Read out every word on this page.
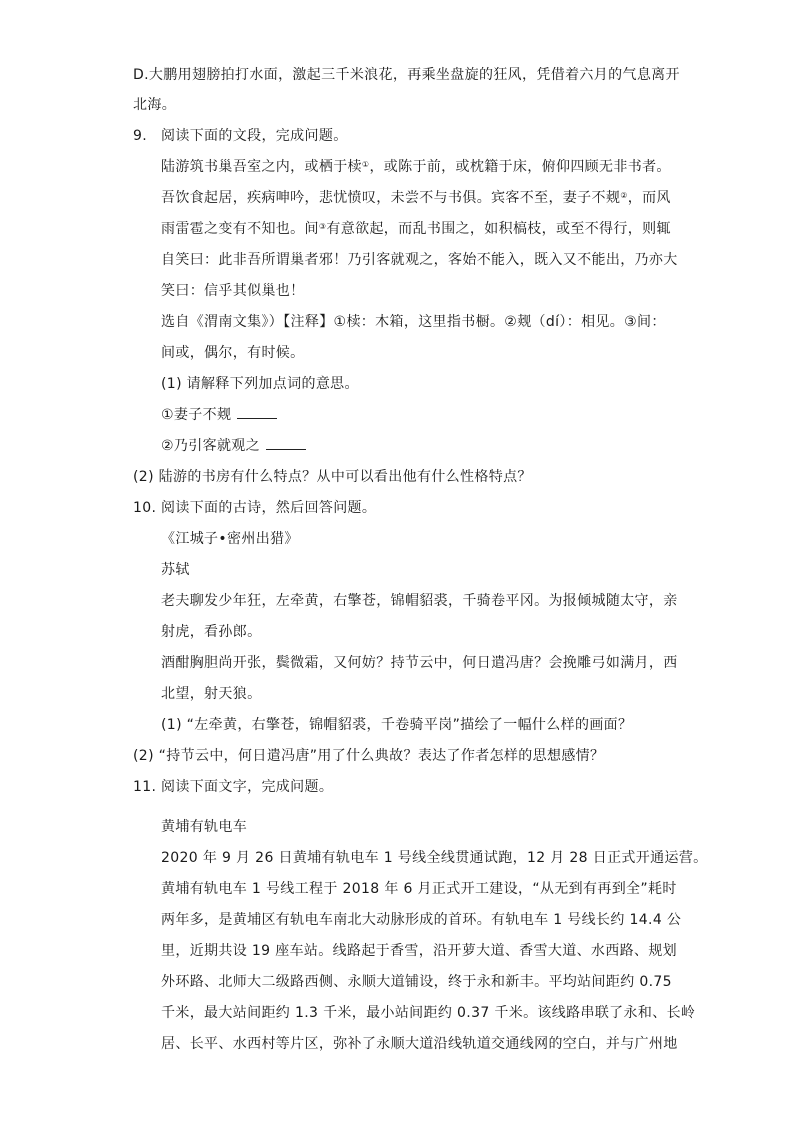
D.大鹏用翅膀拍打水面，激起三千米浪花，再乘坐盘旋的狂风，凭借着六月的气息离开
北海。
9. 阅读下面的文段，完成问题。
陆游筑书巢吾室之内，或栖于椟①，或陈于前，或枕籍于床，俯仰四顾无非书者。
吾饮食起居，疾病呻吟，悲忧愤叹，未尝不与书俱。宾客不至，妻子不觌②，而风
雨雷雹之变有不知也。间③有意欲起，而乱书围之，如积槁枝，或至不得行，则辄
自笑曰：此非吾所谓巢者邪！乃引客就观之，客始不能入，既入又不能出，乃亦大
笑曰：信乎其似巢也！
选自《渭南文集》）【注释】①椟：木箱，这里指书橱。②觌（dí）：相见。③间：
间或，偶尔，有时候。
(1) 请解释下列加点词的意思。
①妻子不觌
②乃引客就观之
(2) 陆游的书房有什么特点？从中可以看出他有什么性格特点？
10. 阅读下面的古诗，然后回答问题。
《江城子•密州出猎》
苏轼
老夫聊发少年狂，左牵黄，右擎苍，锦帽貂裘，千骑卷平冈。为报倾城随太守，亲
射虎，看孙郎。
酒酣胸胆尚开张，鬓微霜，又何妨？持节云中，何日遣冯唐？会挽雕弓如满月，西
北望，射天狼。
(1) “左牵黄，右擎苍，锦帽貂裘，千卷骑平岗”描绘了一幅什么样的画面？
(2) “持节云中，何日遣冯唐”用了什么典故？表达了作者怎样的思想感情？
11. 阅读下面文字，完成问题。
黄埔有轨电车
2020 年 9 月 26 日黄埔有轨电车 1 号线全线贯通试跑，12 月 28 日正式开通运营。
黄埔有轨电车 1 号线工程于 2018 年 6 月正式开工建设，“从无到有再到全”耗时
两年多，是黄埔区有轨电车南北大动脉形成的首环。有轨电车 1 号线长约 14.4 公
里，近期共设 19 座车站。线路起于香雪，沿开萝大道、香雪大道、水西路、规划
外环路、北师大二级路西侧、永顺大道铺设，终于永和新丰。平均站间距约 0.75
千米，最大站间距约 1.3 千米，最小站间距约 0.37 千米。该线路串联了永和、长岭
居、长平、水西村等片区，弥补了永顺大道沿线轨道交通线网的空白，并与广州地
